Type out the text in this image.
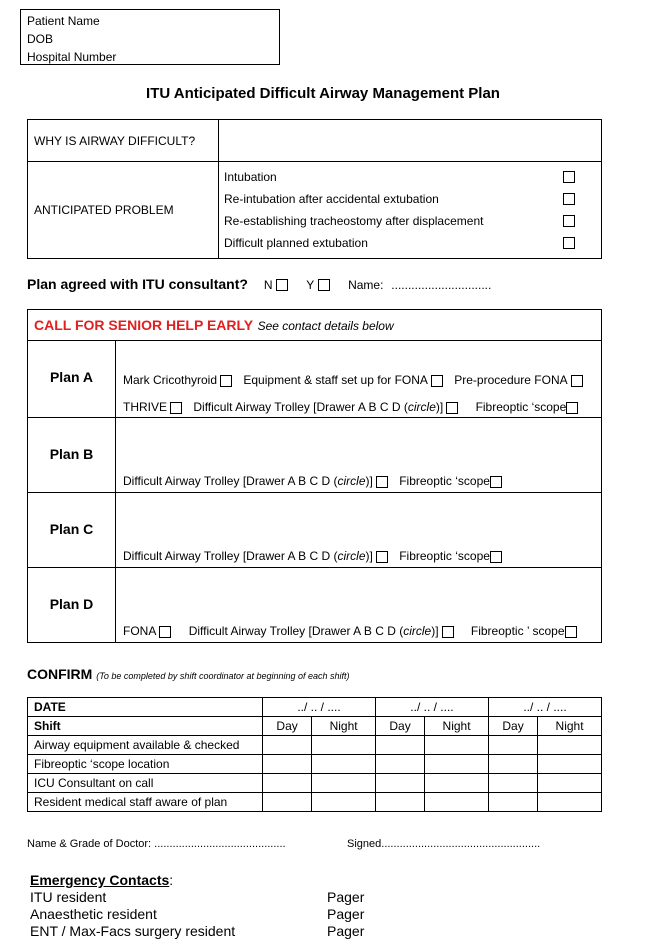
Patient Name
DOB
Hospital Number
ITU Anticipated Difficult Airway Management Plan
WHY IS AIRWAY DIFFICULT?	
ANTICIPATED PROBLEM	Intubation
Re-intubation after accidental extubation
Re-establishing tracheostomy after displacement
Difficult planned extubation
Plan agreed with ITU consultant? N	Y	Name: ..............................
CALL FOR SENIOR HELP EARLY See contact details below
Plan A	Mark Cricothyroid Equipment & staff set up for FONA Pre-procedure FONA
THRIVE Difficult Airway Trolley [Drawer A B C D (circle)]	Fibreoptic ‘scope
Plan B
Difficult Airway Trolley [Drawer A B C D (circle)] Fibreoptic ‘scope
Plan C
Difficult Airway Trolley [Drawer A B C D (circle)] Fibreoptic ‘scope
Plan D
FONA	Difficult Airway Trolley [Drawer A B C D (circle)]	Fibreoptic ’ scope
CONFIRM (To be completed by shift coordinator at beginning of each shift)
DATE	../ .. / ....		../ .. / ....		../ .. / ....	
Shift	Day	Night	Day	Night	Day	Night
Airway equipment available & checked						
Fibreoptic ‘scope location						
ICU Consultant on call						
Resident medical staff aware of plan						
Name & Grade of Doctor: ...........................................	Signed....................................................
Emergency Contacts:
ITU resident	Pager
Anaesthetic resident	Pager
ENT / Max-Facs surgery resident	Pager
